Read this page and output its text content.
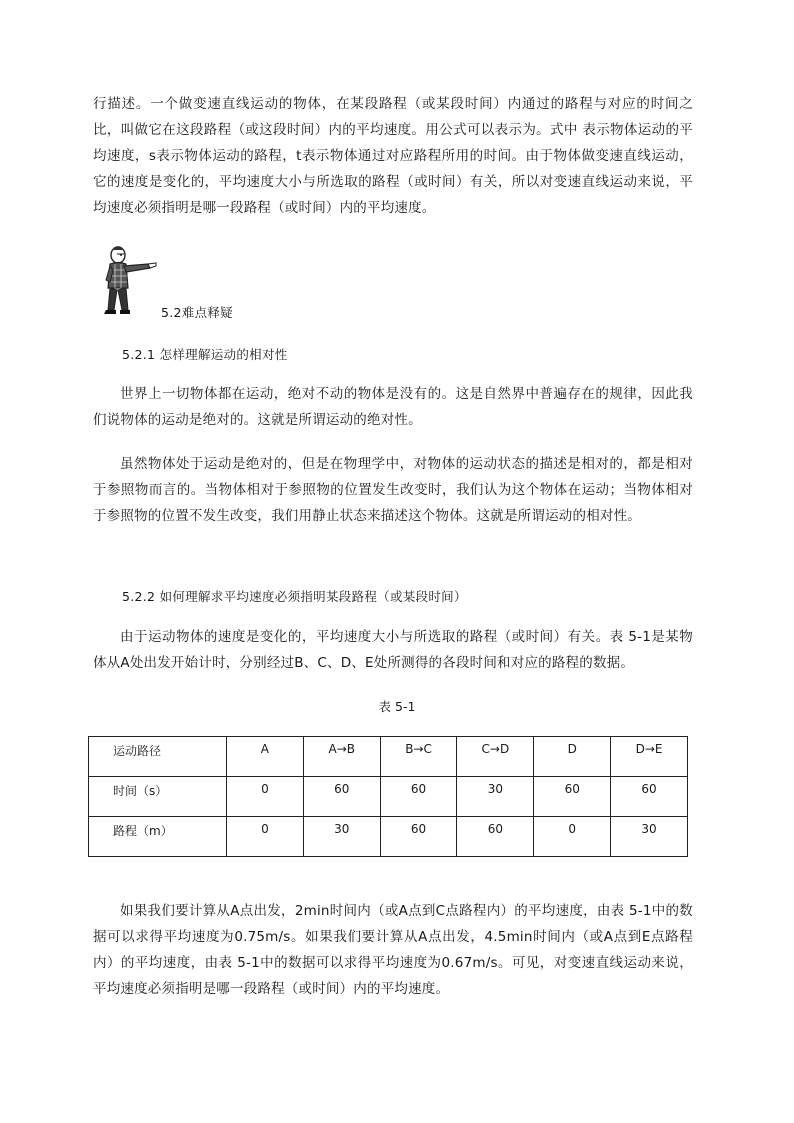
行描述。一个做变速直线运动的物体，在某段路程（或某段时间）内通过的路程与对应的时间之比，叫做它在这段路程（或这段时间）内的平均速度。用公式可以表示为。式中 表示物体运动的平均速度，s表示物体运动的路程，t表示物体通过对应路程所用的时间。由于物体做变速直线运动，它的速度是变化的，平均速度大小与所选取的路程（或时间）有关，所以对变速直线运动来说，平均速度必须指明是哪一段路程（或时间）内的平均速度。

5.2难点释疑

5.2.1 怎样理解运动的相对性

世界上一切物体都在运动，绝对不动的物体是没有的。这是自然界中普遍存在的规律，因此我们说物体的运动是绝对的。这就是所谓运动的绝对性。

虽然物体处于运动是绝对的，但是在物理学中，对物体的运动状态的描述是相对的，都是相对于参照物而言的。当物体相对于参照物的位置发生改变时，我们认为这个物体在运动；当物体相对于参照物的位置不发生改变，我们用静止状态来描述这个物体。这就是所谓运动的相对性。

5.2.2 如何理解求平均速度必须指明某段路程（或某段时间）

由于运动物体的速度是变化的，平均速度大小与所选取的路程（或时间）有关。表 5-1是某物体从A处出发开始计时，分别经过B、C、D、E处所测得的各段时间和对应的路程的数据。

表 5-1

运动路径	A	A→B	B→C	C→D	D	D→E
时间（s）	0	60	60	30	60	60
路程（m）	0	30	60	60	0	30

如果我们要计算从A点出发，2min时间内（或A点到C点路程内）的平均速度，由表 5-1中的数据可以求得平均速度为0.75m/s。如果我们要计算从A点出发，4.5min时间内（或A点到E点路程内）的平均速度，由表 5-1中的数据可以求得平均速度为0.67m/s。可见，对变速直线运动来说，平均速度必须指明是哪一段路程（或时间）内的平均速度。
